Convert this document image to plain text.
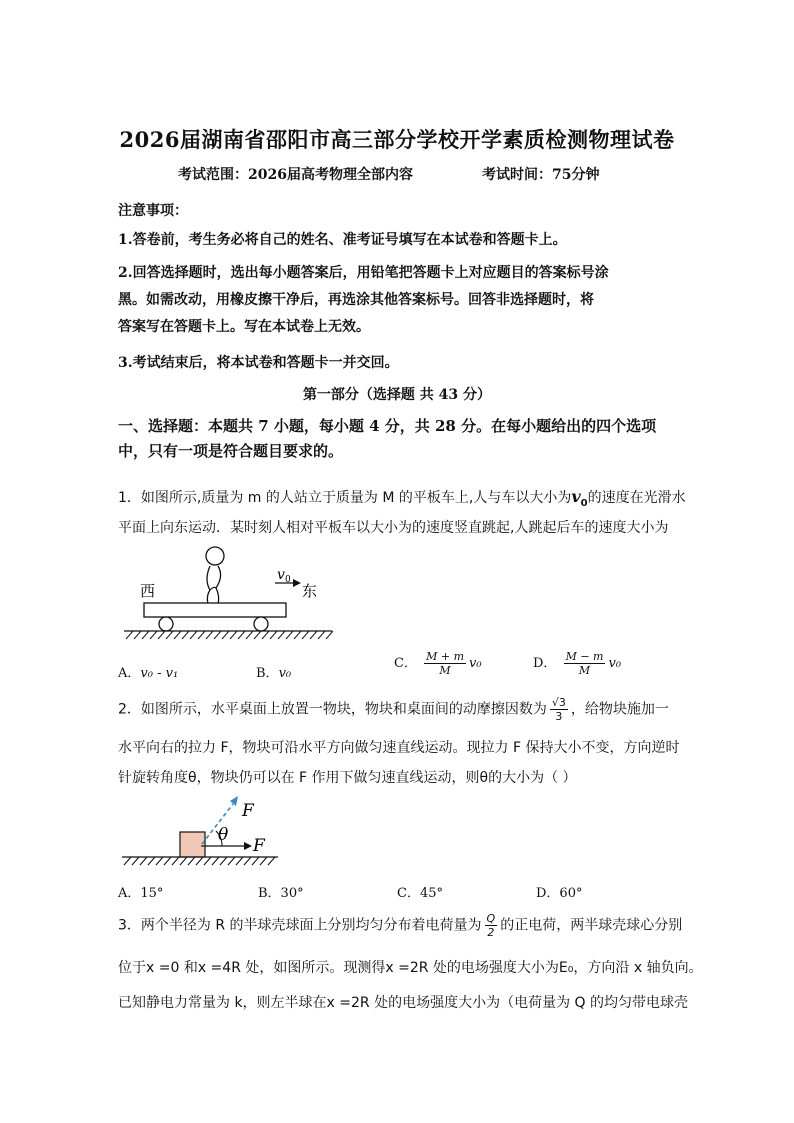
2026届湖南省邵阳市高三部分学校开学素质检测物理试卷
考试范围：2026届高考物理全部内容	考试时间：75分钟
注意事项：
1.答卷前，考生务必将自己的姓名、准考证号填写在本试卷和答题卡上。
2.回答选择题时，选出每小题答案后，用铅笔把答题卡上对应题目的答案标号涂
黑。如需改动，用橡皮擦干净后，再选涂其他答案标号。回答非选择题时，将
答案写在答题卡上。写在本试卷上无效。
3.考试结束后，将本试卷和答题卡一并交回。
第一部分（选择题 共 43 分）
一、选择题：本题共 7 小题，每小题 4 分，共 28 分。在每小题给出的四个选项
中，只有一项是符合题目要求的。
1．如图所示,质量为 m 的人站立于质量为 M 的平板车上,人与车以大小为$v_0$的速度在光滑水
平面上向东运动．某时刻人相对平板车以大小为的速度竖直跳起,人跳起后车的速度大小为
v 0
西	东
A．v₀ - v₁	B．v₀
C． $\frac{M + m}{M} v_0$	D． $\frac{M - m}{M} v_0$
2．如图所示，水平桌面上放置一物块，物块和桌面间的动摩擦因数为 $\frac{√3}{3}$ ，给物块施加一
水平向右的拉力 F，物块可沿水平方向做匀速直线运动。现拉力 F 保持大小不变，方向逆时
针旋转角度θ，物块仍可以在 F 作用下做匀速直线运动，则θ的大小为（ ）
F
F
θ
A．15°	B．30°	C．45°	D．60°
3．两个半径为 R 的半球壳球面上分别均匀分布着电荷量为 $\frac{Q}{2}$ 的正电荷，两半球壳球心分别
位于x =0 和x =4R 处，如图所示。现测得x =2R 处的电场强度大小为E₀，方向沿 x 轴负向。
已知静电力常量为 k，则左半球在x =2R 处的电场强度大小为（电荷量为 Q 的均匀带电球壳
